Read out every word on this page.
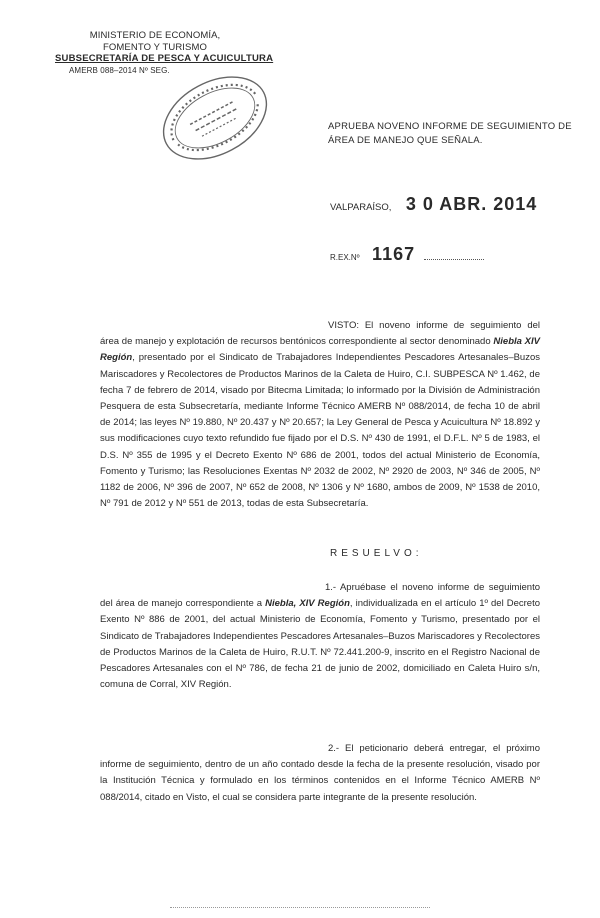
MINISTERIO DE ECONOMÍA,
FOMENTO Y TURISMO
SUBSECRETARÍA DE PESCA Y ACUICULTURA
AMERB 088–2014 Nº SEG.
APRUEBA NOVENO INFORME DE SEGUIMIENTO DE
ÁREA DE MANEJO QUE SEÑALA.
VALPARAÍSO, 3 0 ABR. 2014
R.EX.Nº 1167
VISTO: El noveno informe de seguimiento del área de manejo y explotación de recursos bentónicos correspondiente al sector denominado Niebla XIV Región, presentado por el Sindicato de Trabajadores Independientes Pescadores Artesanales–Buzos Mariscadores y Recolectores de Productos Marinos de la Caleta de Huiro, C.I. SUBPESCA Nº 1.462, de fecha 7 de febrero de 2014, visado por Bitecma Limitada; lo informado por la División de Administración Pesquera de esta Subsecretaría, mediante Informe Técnico AMERB Nº 088/2014, de fecha 10 de abril de 2014; las leyes Nº 19.880, Nº 20.437 y Nº 20.657; la Ley General de Pesca y Acuicultura Nº 18.892 y sus modificaciones cuyo texto refundido fue fijado por el D.S. Nº 430 de 1991, el D.F.L. Nº 5 de 1983, el D.S. Nº 355 de 1995 y el Decreto Exento Nº 686 de 2001, todos del actual Ministerio de Economía, Fomento y Turismo; las Resoluciones Exentas Nº 2032 de 2002, Nº 2920 de 2003, Nº 346 de 2005, Nº 1182 de 2006, Nº 396 de 2007, Nº 652 de 2008, Nº 1306 y Nº 1680, ambos de 2009, Nº 1538 de 2010, Nº 791 de 2012 y Nº 551 de 2013, todas de esta Subsecretaría.
RESUELVO:
1.- Apruébase el noveno informe de seguimiento del área de manejo correspondiente a Niebla, XIV Región, individualizada en el artículo 1º del Decreto Exento Nº 886 de 2001, del actual Ministerio de Economía, Fomento y Turismo, presentado por el Sindicato de Trabajadores Independientes Pescadores Artesanales–Buzos Mariscadores y Recolectores de Productos Marinos de la Caleta de Huiro, R.U.T. Nº 72.441.200-9, inscrito en el Registro Nacional de Pescadores Artesanales con el Nº 786, de fecha 21 de junio de 2002, domiciliado en Caleta Huiro s/n, comuna de Corral, XIV Región.
2.- El peticionario deberá entregar, el próximo informe de seguimiento, dentro de un año contado desde la fecha de la presente resolución, visado por la Institución Técnica y formulado en los términos contenidos en el Informe Técnico AMERB Nº 088/2014, citado en Visto, el cual se considera parte integrante de la presente resolución.
